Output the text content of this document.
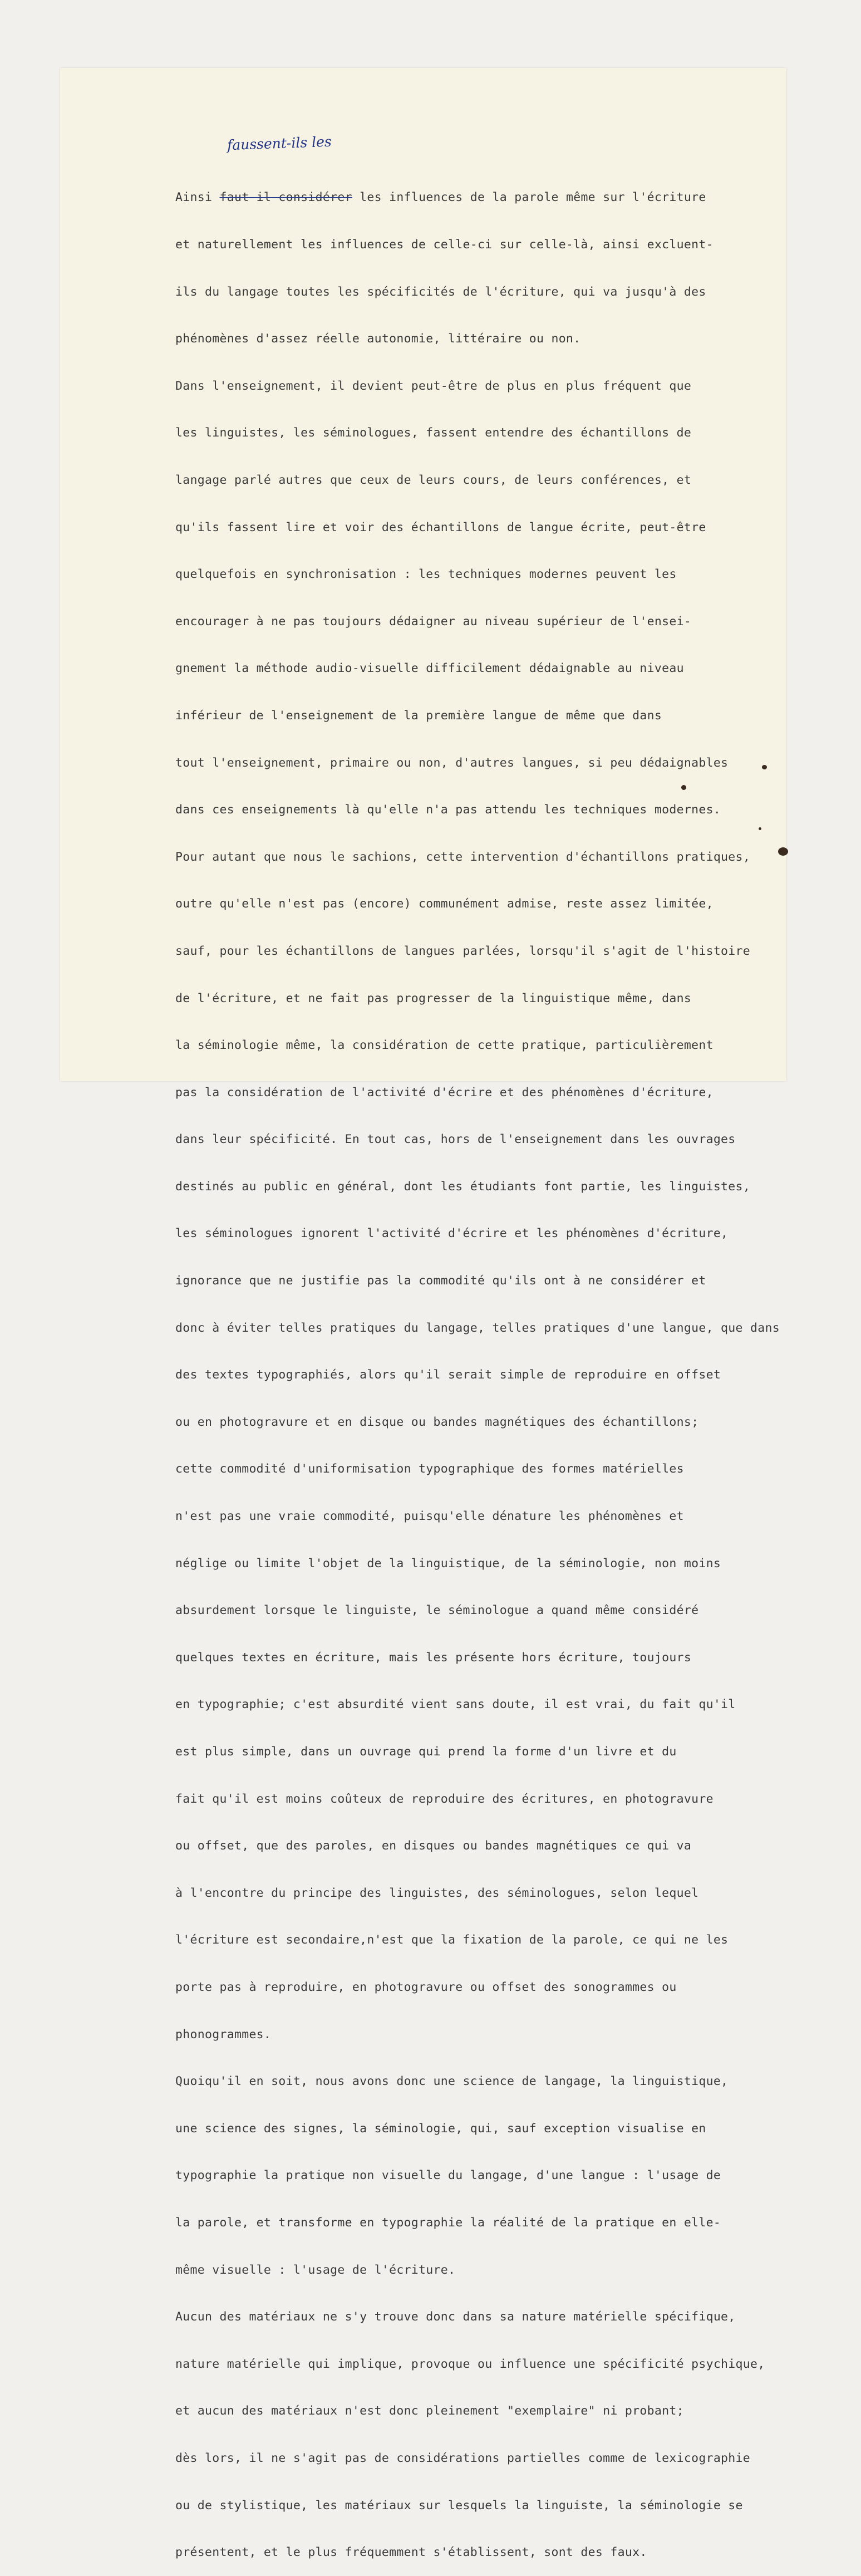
faussent-ils les

Ainsi faut-il considérer les influences de la parole même sur l'écriture

et naturellement les influences de celle-ci sur celle-là, ainsi excluent-

ils du langage toutes les spécificités de l'écriture, qui va jusqu'à des

phénomènes d'assez réelle autonomie, littéraire ou non.

Dans l'enseignement, il devient peut-être de plus en plus fréquent que

les linguistes, les séminologues, fassent entendre des échantillons de

langage parlé autres que ceux de leurs cours, de leurs conférences, et

qu'ils fassent lire et voir des échantillons de langue écrite, peut-être

quelquefois en synchronisation : les techniques modernes peuvent les

encourager à ne pas toujours dédaigner au niveau supérieur de l'ensei-

gnement la méthode audio-visuelle difficilement dédaignable au niveau

inférieur de l'enseignement de la première langue de même que dans

tout l'enseignement, primaire ou non, d'autres langues, si peu dédaignables

dans ces enseignements là qu'elle n'a pas attendu les techniques modernes.

Pour autant que nous le sachions, cette intervention d'échantillons pratiques,

outre qu'elle n'est pas (encore) communément admise, reste assez limitée,

sauf, pour les échantillons de langues parlées, lorsqu'il s'agit de l'histoire

de l'écriture, et ne fait pas progresser de la linguistique même, dans

la séminologie même, la considération de cette pratique, particulièrement

pas la considération de l'activité d'écrire et des phénomènes d'écriture,

dans leur spécificité. En tout cas, hors de l'enseignement dans les ouvrages

destinés au public en général, dont les étudiants font partie, les linguistes,

les séminologues ignorent l'activité d'écrire et les phénomènes d'écriture,

ignorance que ne justifie pas la commodité qu'ils ont à ne considérer et

donc à éviter telles pratiques du langage, telles pratiques d'une langue, que dans

des textes typographiés, alors qu'il serait simple de reproduire en offset

ou en photogravure et en disque ou bandes magnétiques des échantillons;

cette commodité d'uniformisation typographique des formes matérielles

n'est pas une vraie commodité, puisqu'elle dénature les phénomènes et

néglige ou limite l'objet de la linguistique, de la séminologie, non moins

absurdement lorsque le linguiste, le séminologue a quand même considéré

quelques textes en écriture, mais les présente hors écriture, toujours

en typographie; c'est absurdité vient sans doute, il est vrai, du fait qu'il

est plus simple, dans un ouvrage qui prend la forme d'un livre et du

fait qu'il est moins coûteux de reproduire des écritures, en photogravure

ou offset, que des paroles, en disques ou bandes magnétiques ce qui va

à l'encontre du principe des linguistes, des séminologues, selon lequel

l'écriture est secondaire,n'est que la fixation de la parole, ce qui ne les

porte pas à reproduire, en photogravure ou offset des sonogrammes ou

phonogrammes.

Quoiqu'il en soit, nous avons donc une science de langage, la linguistique,

une science des signes, la séminologie, qui, sauf exception visualise en

typographie la pratique non visuelle du langage, d'une langue : l'usage de

la parole, et transforme en typographie la réalité de la pratique en elle-

même visuelle : l'usage de l'écriture.

Aucun des matériaux ne s'y trouve donc dans sa nature matérielle spécifique,

nature matérielle qui implique, provoque ou influence une spécificité psychique,

et aucun des matériaux n'est donc pleinement "exemplaire" ni probant;

dès lors, il ne s'agit pas de considérations partielles comme de lexicographie

ou de stylistique, les matériaux sur lesquels la linguiste, la séminologie se

présentent, et le plus fréquemment s'établissent, sont des faux.
